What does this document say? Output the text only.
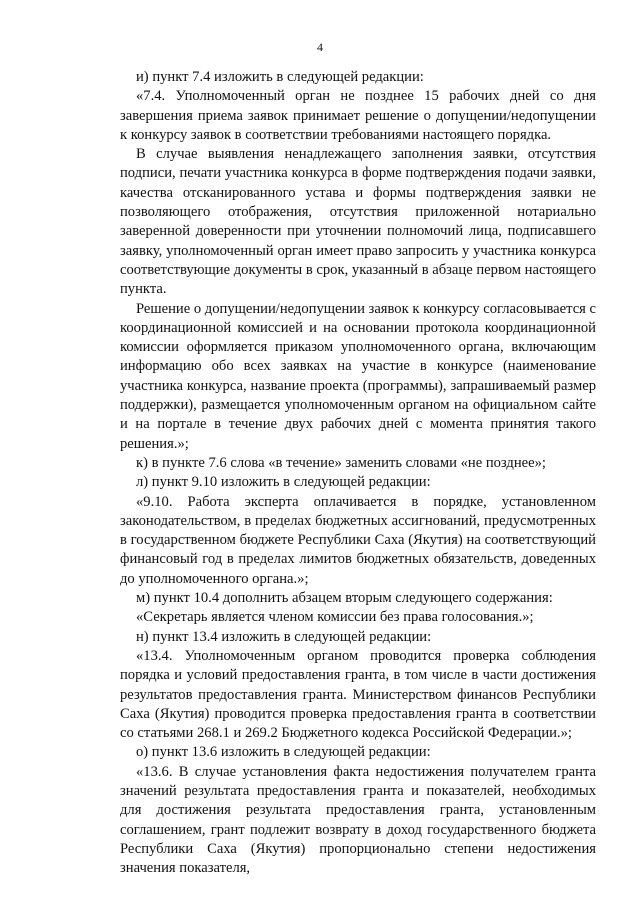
4

и) пункт 7.4 изложить в следующей редакции:

«7.4. Уполномоченный орган не позднее 15 рабочих дней со дня завершения приема заявок принимает решение о допущении/недопущении к конкурсу заявок в соответствии требованиями настоящего порядка.

В случае выявления ненадлежащего заполнения заявки, отсутствия подписи, печати участника конкурса в форме подтверждения подачи заявки, качества отсканированного устава и формы подтверждения заявки не позволяющего отображения, отсутствия приложенной нотариально заверенной доверенности при уточнении полномочий лица, подписавшего заявку, уполномоченный орган имеет право запросить у участника конкурса соответствующие документы в срок, указанный в абзаце первом настоящего пункта.

Решение о допущении/недопущении заявок к конкурсу согласовывается с координационной комиссией и на основании протокола координационной комиссии оформляется приказом уполномоченного органа, включающим информацию обо всех заявках на участие в конкурсе (наименование участника конкурса, название проекта (программы), запрашиваемый размер поддержки), размещается уполномоченным органом на официальном сайте и на портале в течение двух рабочих дней с момента принятия такого решения.»;

к) в пункте 7.6 слова «в течение» заменить словами «не позднее»;

л) пункт 9.10 изложить в следующей редакции:

«9.10. Работа эксперта оплачивается в порядке, установленном законодательством, в пределах бюджетных ассигнований, предусмотренных в государственном бюджете Республики Саха (Якутия) на соответствующий финансовый год в пределах лимитов бюджетных обязательств, доведенных до уполномоченного органа.»;

м) пункт 10.4 дополнить абзацем вторым следующего содержания:

«Секретарь является членом комиссии без права голосования.»;

н) пункт 13.4 изложить в следующей редакции:

«13.4. Уполномоченным органом проводится проверка соблюдения порядка и условий предоставления гранта, в том числе в части достижения результатов предоставления гранта. Министерством финансов Республики Саха (Якутия) проводится проверка предоставления гранта в соответствии со статьями 268.1 и 269.2 Бюджетного кодекса Российской Федерации.»;

о) пункт 13.6 изложить в следующей редакции:

«13.6. В случае установления факта недостижения получателем гранта значений результата предоставления гранта и показателей, необходимых для достижения результата предоставления гранта, установленным соглашением, грант подлежит возврату в доход государственного бюджета Республики Саха (Якутия) пропорционально степени недостижения значения показателя,
